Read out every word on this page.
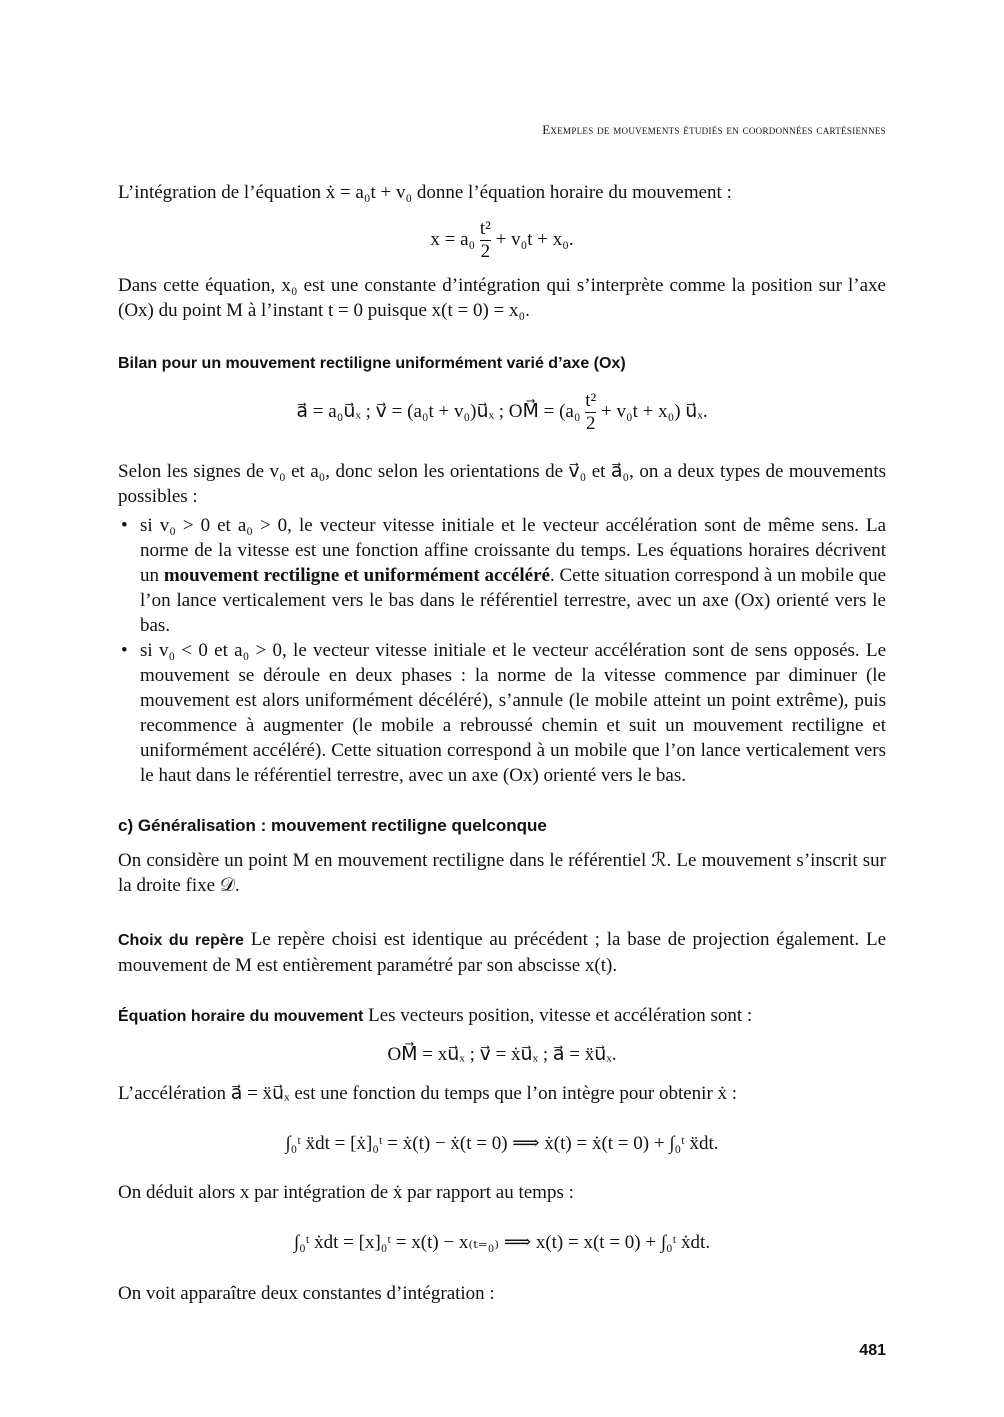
Exemples de mouvements étudiés en coordonnées cartésiennes
L’intégration de l’équation ẋ = a₀t + v₀ donne l’équation horaire du mouvement :
$x = a_0 \frac{\text{t²}}{2} + v_0t + x_0$.
Dans cette équation, x₀ est une constante d’intégration qui s’interprète comme la position sur l’axe (Ox) du point M à l’instant t = 0 puisque x(t = 0) = x₀.
Bilan pour un mouvement rectiligne uniformément varié d’axe (Ox)
a⃗ = a₀u⃗ₓ ; v⃗ = (a₀t + v₀)u⃗ₓ ; OM⃗ = $(a_0 \frac{\text{t²}}{2} + v_0t + x_0)$ u⃗ₓ.
Selon les signes de v₀ et a₀, donc selon les orientations de v⃗₀ et a⃗₀, on a deux types de mouvements possibles :
• si v₀ > 0 et a₀ > 0, le vecteur vitesse initiale et le vecteur accélération sont de même sens. La norme de la vitesse est une fonction affine croissante du temps. Les équations horaires décrivent un mouvement rectiligne et uniformément accéléré. Cette situation correspond à un mobile que l’on lance verticalement vers le bas dans le référentiel terrestre, avec un axe (Ox) orienté vers le bas.
• si v₀ < 0 et a₀ > 0, le vecteur vitesse initiale et le vecteur accélération sont de sens opposés. Le mouvement se déroule en deux phases : la norme de la vitesse commence par diminuer (le mouvement est alors uniformément décéléré), s’annule (le mobile atteint un point extrême), puis recommence à augmenter (le mobile a rebroussé chemin et suit un mouvement rectiligne et uniformément accéléré). Cette situation correspond à un mobile que l’on lance verticalement vers le haut dans le référentiel terrestre, avec un axe (Ox) orienté vers le bas.
c) Généralisation : mouvement rectiligne quelconque
On considère un point M en mouvement rectiligne dans le référentiel ℛ. Le mouvement s’inscrit sur la droite fixe 𝒟.
Choix du repère Le repère choisi est identique au précédent ; la base de projection également. Le mouvement de M est entièrement paramétré par son abscisse x(t).
Équation horaire du mouvement Les vecteurs position, vitesse et accélération sont :
OM⃗ = xu⃗ₓ ; v⃗ = ẋu⃗ₓ ; a⃗ = ẍu⃗ₓ.
L’accélération a⃗ = ẍu⃗ₓ est une fonction du temps que l’on intègre pour obtenir ẋ :
∫₀ᵗ ẍdt = [ẋ]₀ᵗ = ẋ(t) − ẋ(t = 0) ⟹ ẋ(t) = ẋ(t = 0) + ∫₀ᵗ ẍdt.
On déduit alors x par intégration de ẋ par rapport au temps :
∫₀ᵗ ẋdt = [x]₀ᵗ = x(t) − x₍ₜ₌₀₎ ⟹ x(t) = x(t = 0) + ∫₀ᵗ ẋdt.
On voit apparaître deux constantes d’intégration :
481
